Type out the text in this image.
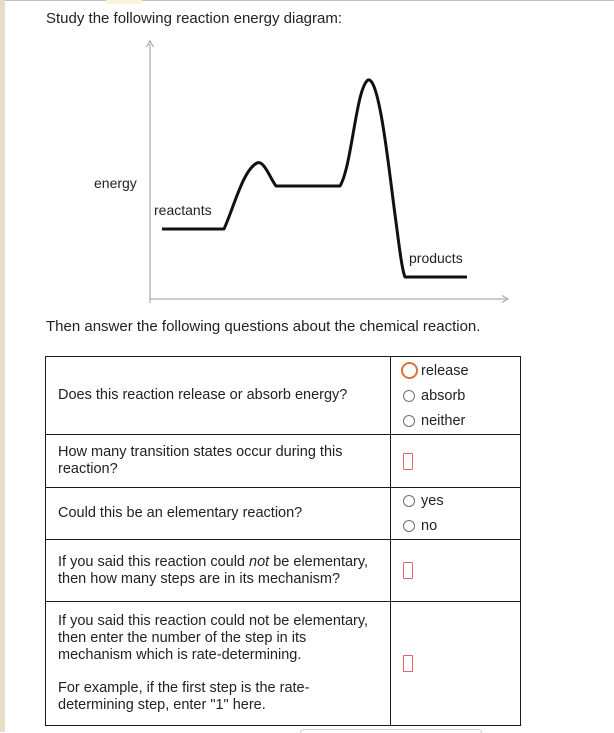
Study the following reaction energy diagram:
energy
reactants
products
Then answer the following questions about the chemical reaction.
Does this reaction release or absorb energy?	release
absorb
neither

How many transition states occur during this reaction?	

Could this be an elementary reaction?	yes
no

If you said this reaction could not be elementary, then how many steps are in its mechanism?	

If you said this reaction could not be elementary, then enter the number of the step in its mechanism which is rate-determining.
For example, if the first step is the rate-determining step, enter "1" here.
